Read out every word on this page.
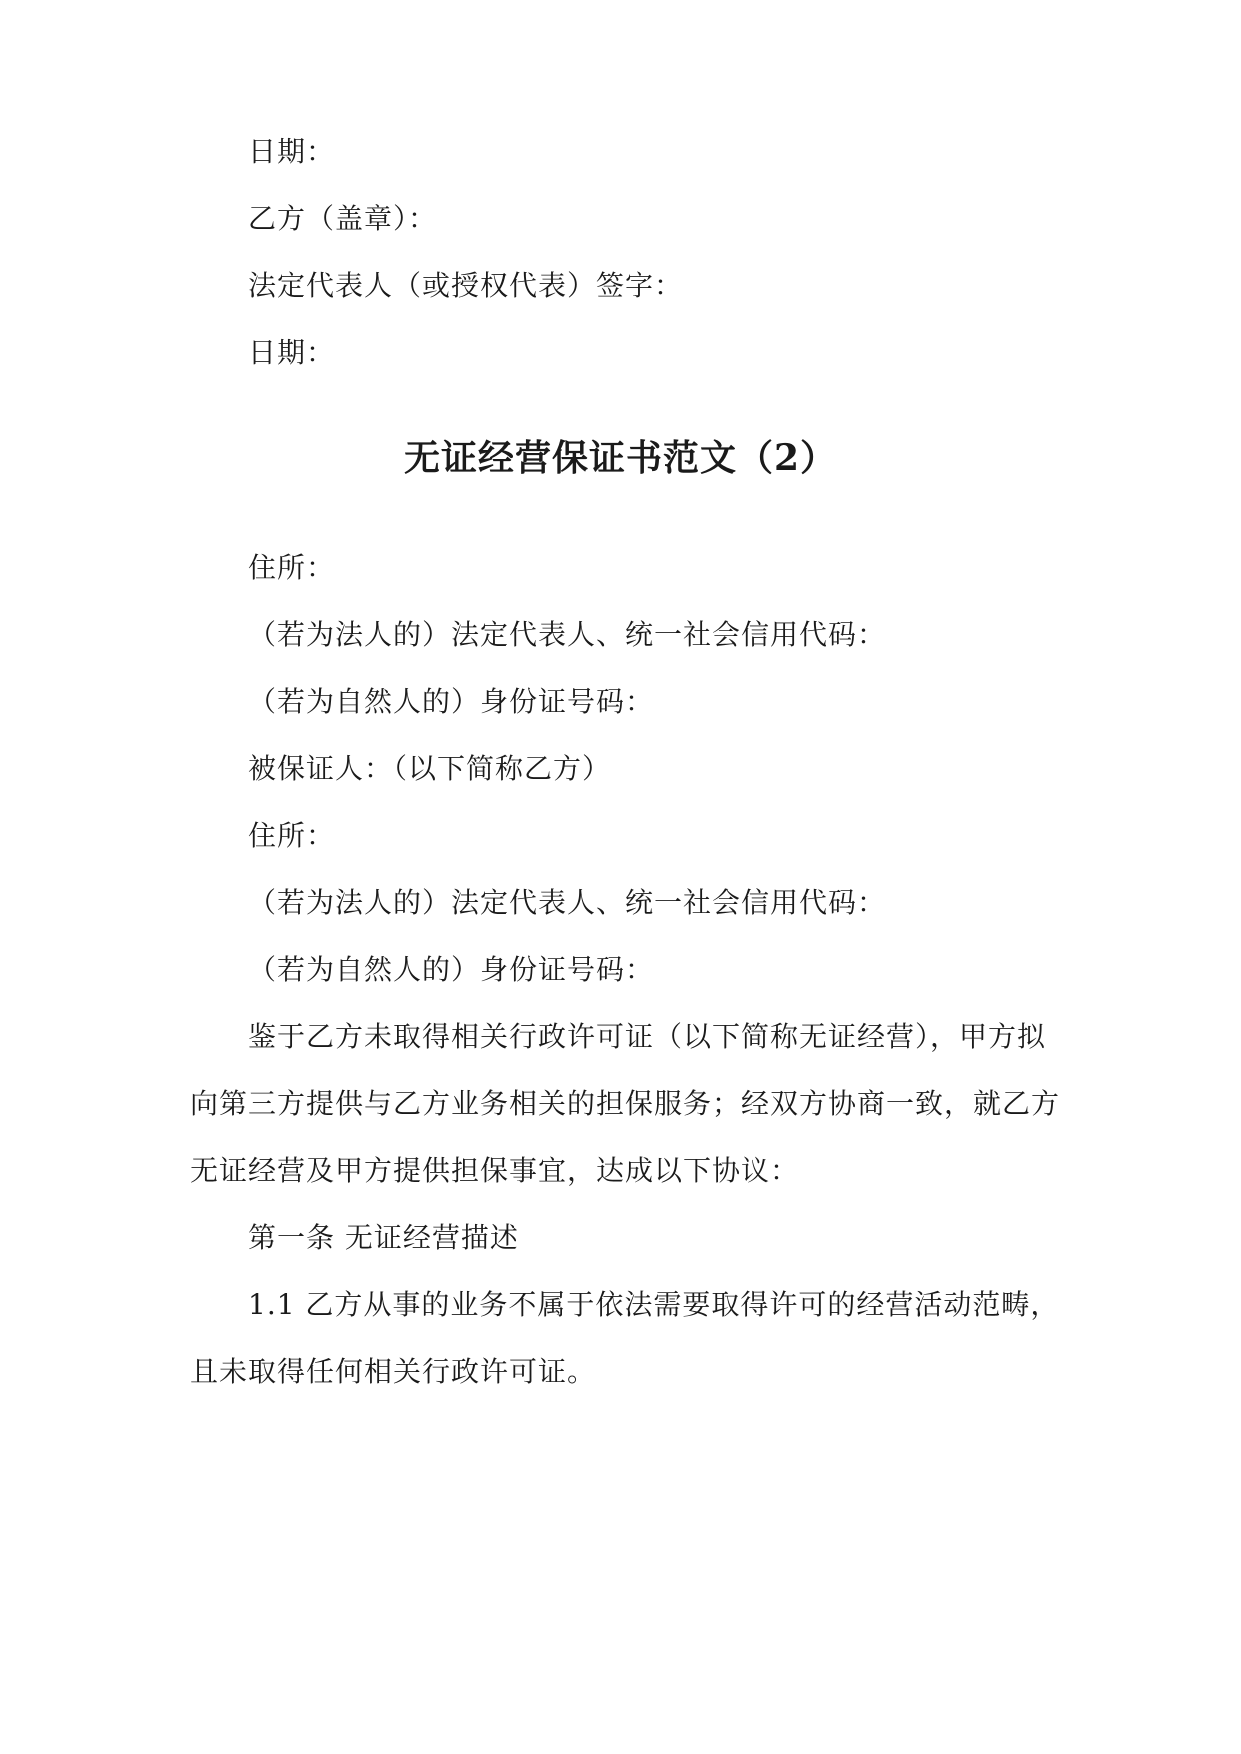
日期：
乙方（盖章）：
法定代表人（或授权代表）签字：
日期：
无证经营保证书范文（2）
住所：
（若为法人的）法定代表人、统一社会信用代码：
（若为自然人的）身份证号码：
被保证人：（以下简称乙方）
住所：
（若为法人的）法定代表人、统一社会信用代码：
（若为自然人的）身份证号码：
鉴于乙方未取得相关行政许可证（以下简称无证经营），甲方拟
向第三方提供与乙方业务相关的担保服务；经双方协商一致，就乙方
无证经营及甲方提供担保事宜，达成以下协议：
第一条 无证经营描述
1.1 乙方从事的业务不属于依法需要取得许可的经营活动范畴，
且未取得任何相关行政许可证。
